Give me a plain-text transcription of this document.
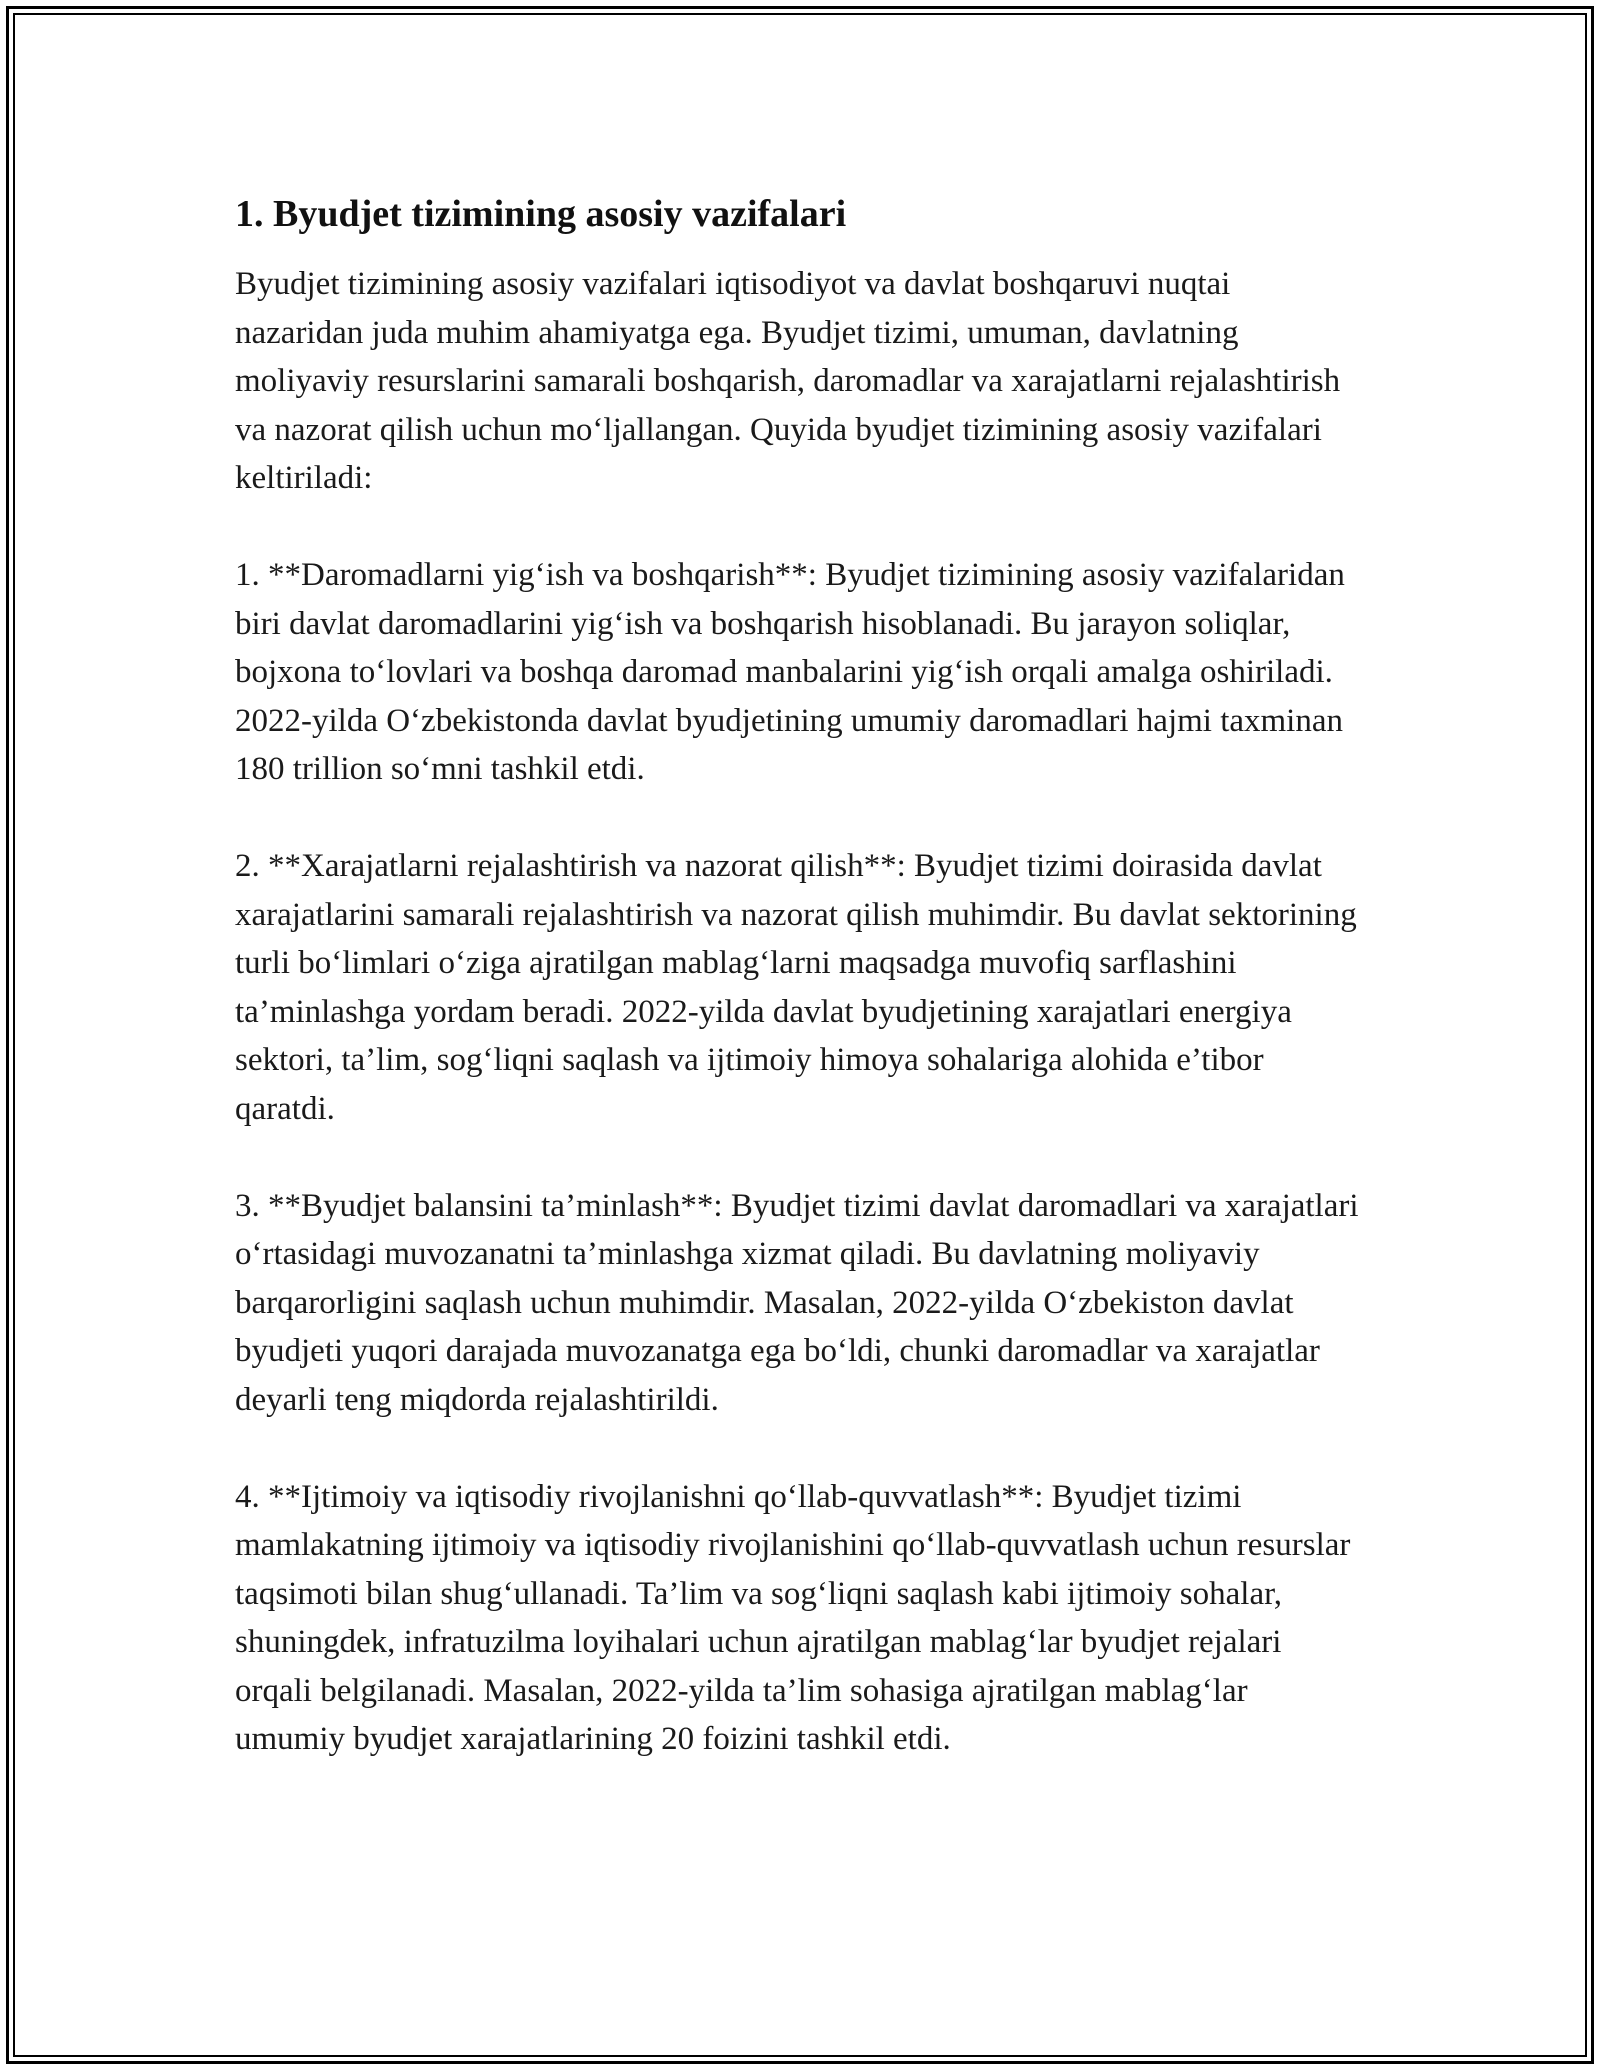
1. Byudjet tizimining asosiy vazifalari

Byudjet tizimining asosiy vazifalari iqtisodiyot va davlat boshqaruvi nuqtai nazaridan juda muhim ahamiyatga ega. Byudjet tizimi, umuman, davlatning moliyaviy resurslarini samarali boshqarish, daromadlar va xarajatlarni rejalashtirish va nazorat qilish uchun mo‘ljallangan. Quyida byudjet tizimining asosiy vazifalari keltiriladi:

1. **Daromadlarni yig‘ish va boshqarish**: Byudjet tizimining asosiy vazifalaridan biri davlat daromadlarini yig‘ish va boshqarish hisoblanadi. Bu jarayon soliqlar, bojxona to‘lovlari va boshqa daromad manbalarini yig‘ish orqali amalga oshiriladi. 2022-yilda O‘zbekistonda davlat byudjetining umumiy daromadlari hajmi taxminan 180 trillion so‘mni tashkil etdi.

2. **Xarajatlarni rejalashtirish va nazorat qilish**: Byudjet tizimi doirasida davlat xarajatlarini samarali rejalashtirish va nazorat qilish muhimdir. Bu davlat sektorining turli bo‘limlari o‘ziga ajratilgan mablag‘larni maqsadga muvofiq sarflashini ta’minlashga yordam beradi. 2022-yilda davlat byudjetining xarajatlari energiya sektori, ta’lim, sog‘liqni saqlash va ijtimoiy himoya sohalariga alohida e’tibor qaratdi.

3. **Byudjet balansini ta’minlash**: Byudjet tizimi davlat daromadlari va xarajatlari o‘rtasidagi muvozanatni ta’minlashga xizmat qiladi. Bu davlatning moliyaviy barqarorligini saqlash uchun muhimdir. Masalan, 2022-yilda O‘zbekiston davlat byudjeti yuqori darajada muvozanatga ega bo‘ldi, chunki daromadlar va xarajatlar deyarli teng miqdorda rejalashtirildi.

4. **Ijtimoiy va iqtisodiy rivojlanishni qo‘llab-quvvatlash**: Byudjet tizimi mamlakatning ijtimoiy va iqtisodiy rivojlanishini qo‘llab-quvvatlash uchun resurslar taqsimoti bilan shug‘ullanadi. Ta’lim va sog‘liqni saqlash kabi ijtimoiy sohalar, shuningdek, infratuzilma loyihalari uchun ajratilgan mablag‘lar byudjet rejalari orqali belgilanadi. Masalan, 2022-yilda ta’lim sohasiga ajratilgan mablag‘lar umumiy byudjet xarajatlarining 20 foizini tashkil etdi.
